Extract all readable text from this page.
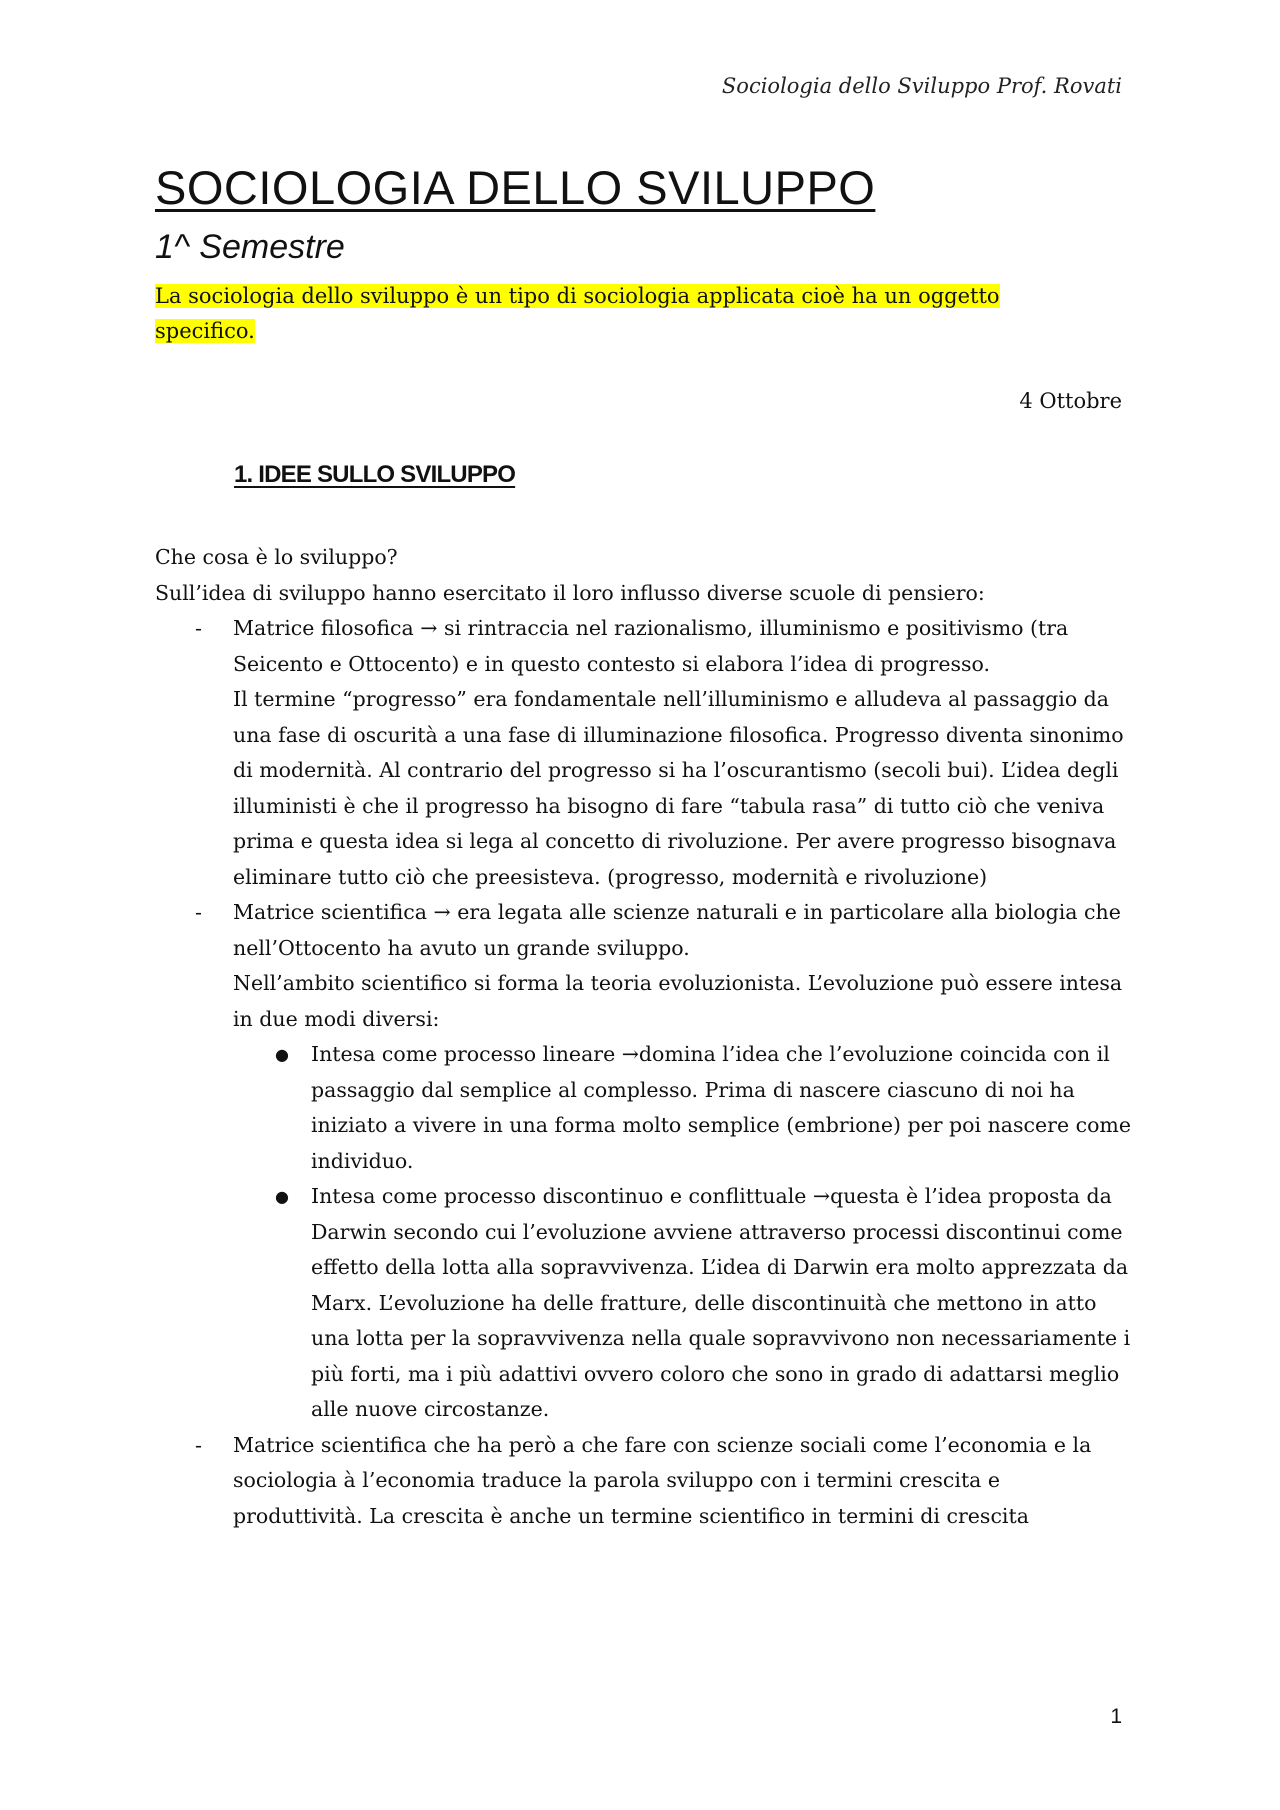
Sociologia dello Sviluppo Prof. Rovati
SOCIOLOGIA DELLO SVILUPPO
1^ Semestre

La sociologia dello sviluppo è un tipo di sociologia applicata cioè ha un oggetto specifico.

4 Ottobre
1. IDEE SULLO SVILUPPO

Che cosa è lo sviluppo?

Sull’idea di sviluppo hanno esercitato il loro influsso diverse scuole di pensiero:

- Matrice filosofica → si rintraccia nel razionalismo, illuminismo e positivismo (tra Seicento e Ottocento) e in questo contesto si elabora l’idea di progresso.

Il termine “progresso” era fondamentale nell’illuminismo e alludeva al passaggio da una fase di oscurità a una fase di illuminazione filosofica. Progresso diventa sinonimo di modernità. Al contrario del progresso si ha l’oscurantismo (secoli bui). L’idea degli illuministi è che il progresso ha bisogno di fare “tabula rasa” di tutto ciò che veniva prima e questa idea si lega al concetto di rivoluzione. Per avere progresso bisognava eliminare tutto ciò che preesisteva. (progresso, modernità e rivoluzione)

- Matrice scientifica → era legata alle scienze naturali e in particolare alla biologia che nell’Ottocento ha avuto un grande sviluppo.

Nell’ambito scientifico si forma la teoria evoluzionista. L’evoluzione può essere intesa in due modi diversi:

● Intesa come processo lineare →domina l’idea che l’evoluzione coincida con il passaggio dal semplice al complesso. Prima di nascere ciascuno di noi ha iniziato a vivere in una forma molto semplice (embrione) per poi nascere come individuo.
● Intesa come processo discontinuo e conflittuale →questa è l’idea proposta da Darwin secondo cui l’evoluzione avviene attraverso processi discontinui come effetto della lotta alla sopravvivenza. L’idea di Darwin era molto apprezzata da Marx. L’evoluzione ha delle fratture, delle discontinuità che mettono in atto una lotta per la sopravvivenza nella quale sopravvivono non necessariamente i più forti, ma i più adattivi ovvero coloro che sono in grado di adattarsi meglio alle nuove circostanze.
- Matrice scientifica che ha però a che fare con scienze sociali come l’economia e la sociologia à l’economia traduce la parola sviluppo con i termini crescita e produttività. La crescita è anche un termine scientifico in termini di crescita

1
